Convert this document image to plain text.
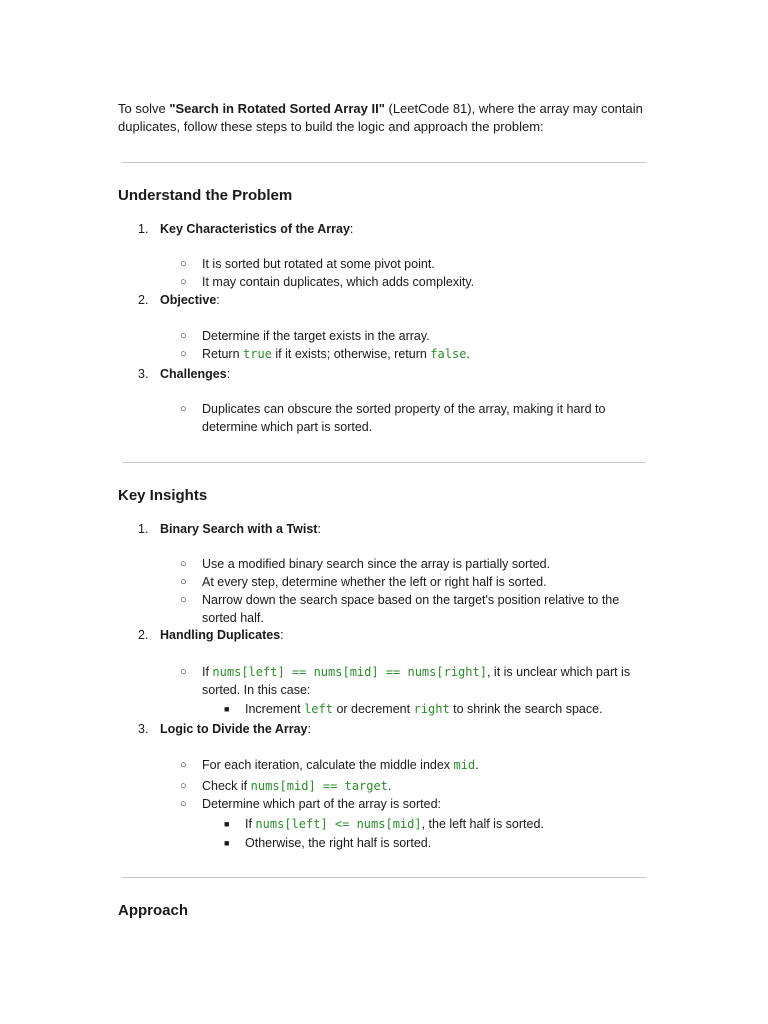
To solve "Search in Rotated Sorted Array II" (LeetCode 81), where the array may contain duplicates, follow these steps to build the logic and approach the problem:
Understand the Problem
1. Key Characteristics of the Array:
○	It is sorted but rotated at some pivot point.
○	It may contain duplicates, which adds complexity.
2. Objective:
○	Determine if the target exists in the array.
○	Return true if it exists; otherwise, return false.
3. Challenges:
○	Duplicates can obscure the sorted property of the array, making it hard to determine which part is sorted.
Key Insights
1. Binary Search with a Twist:
○	Use a modified binary search since the array is partially sorted.
○	At every step, determine whether the left or right half is sorted.
○	Narrow down the search space based on the target's position relative to the sorted half.
2. Handling Duplicates:
○	If nums[left] == nums[mid] == nums[right], it is unclear which part is sorted. In this case:
■	Increment left or decrement right to shrink the search space.
3. Logic to Divide the Array:
○	For each iteration, calculate the middle index mid.
○	Check if nums[mid] == target.
○	Determine which part of the array is sorted:
■	If nums[left] <= nums[mid], the left half is sorted.
■	Otherwise, the right half is sorted.
Approach
